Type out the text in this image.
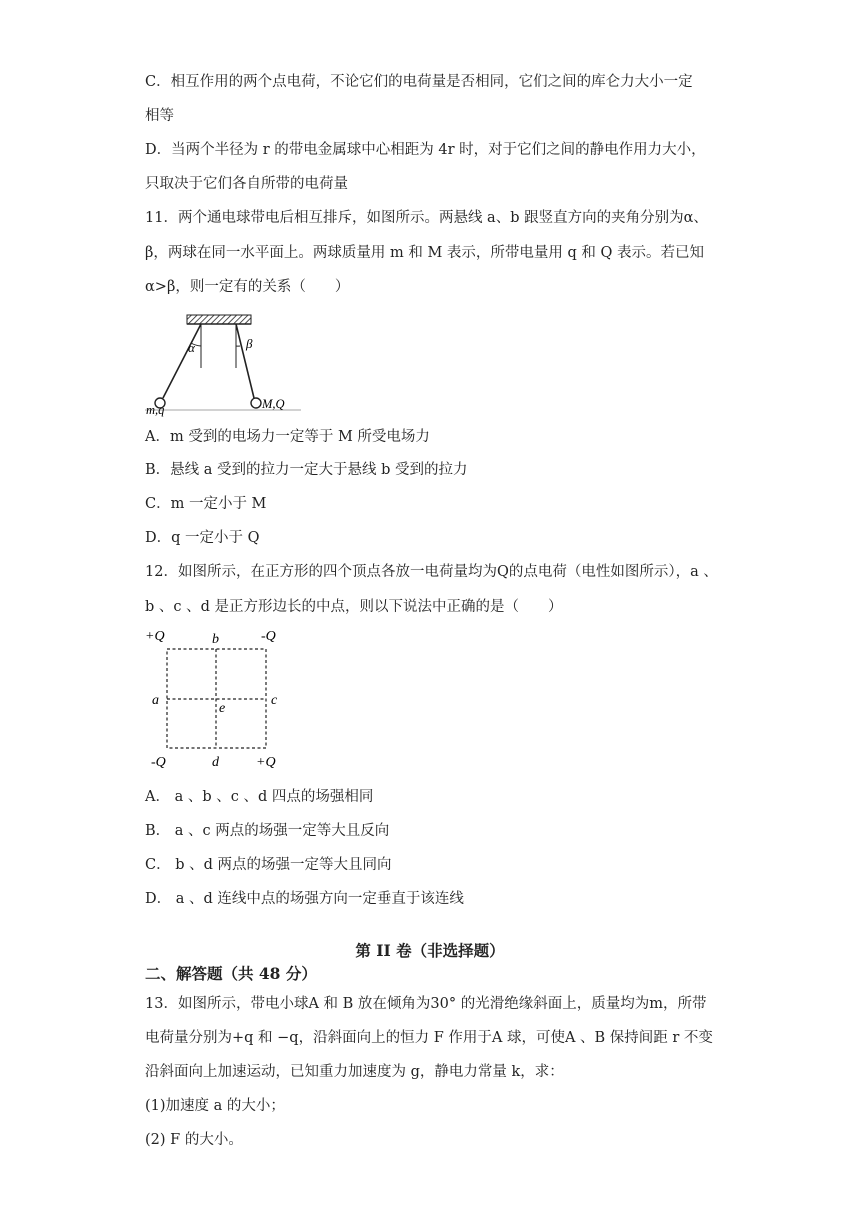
C．相互作用的两个点电荷，不论它们的电荷量是否相同，它们之间的库仑力大小一定
相等
D．当两个半径为 r 的带电金属球中心相距为 4r 时，对于它们之间的静电作用力大小，
只取决于它们各自所带的电荷量
11．两个通电球带电后相互排斥，如图所示。两悬线 a、b 跟竖直方向的夹角分别为α、
β，两球在同一水平面上。两球质量用 m 和 M 表示，所带电量用 q 和 Q 表示。若已知
α>β，则一定有的关系（　　）
α	β
m,q	M,Q
A．m 受到的电场力一定等于 M 所受电场力
B．悬线 a 受到的拉力一定大于悬线 b 受到的拉力
C．m 一定小于 M
D．q 一定小于 Q
12．如图所示，在正方形的四个顶点各放一电荷量均为Q的点电荷（电性如图所示），a 、
b 、c 、d 是正方形边长的中点，则以下说法中正确的是（　　）
+Q	-Q
-Q	+Q
b
a	c
e
d
A． a 、b 、c 、d 四点的场强相同
B． a 、c 两点的场强一定等大且反向
C． b 、d 两点的场强一定等大且同向
D． a 、d 连线中点的场强方向一定垂直于该连线
第 II 卷（非选择题）
二、解答题（共 48 分）
13．如图所示，带电小球A 和 B 放在倾角为30° 的光滑绝缘斜面上，质量均为m，所带
电荷量分别为+q 和 −q，沿斜面向上的恒力 F 作用于A 球，可使A 、B 保持间距 r 不变
沿斜面向上加速运动，已知重力加速度为 g，静电力常量 k，求：
(1)加速度 a 的大小；
(2) F 的大小。
